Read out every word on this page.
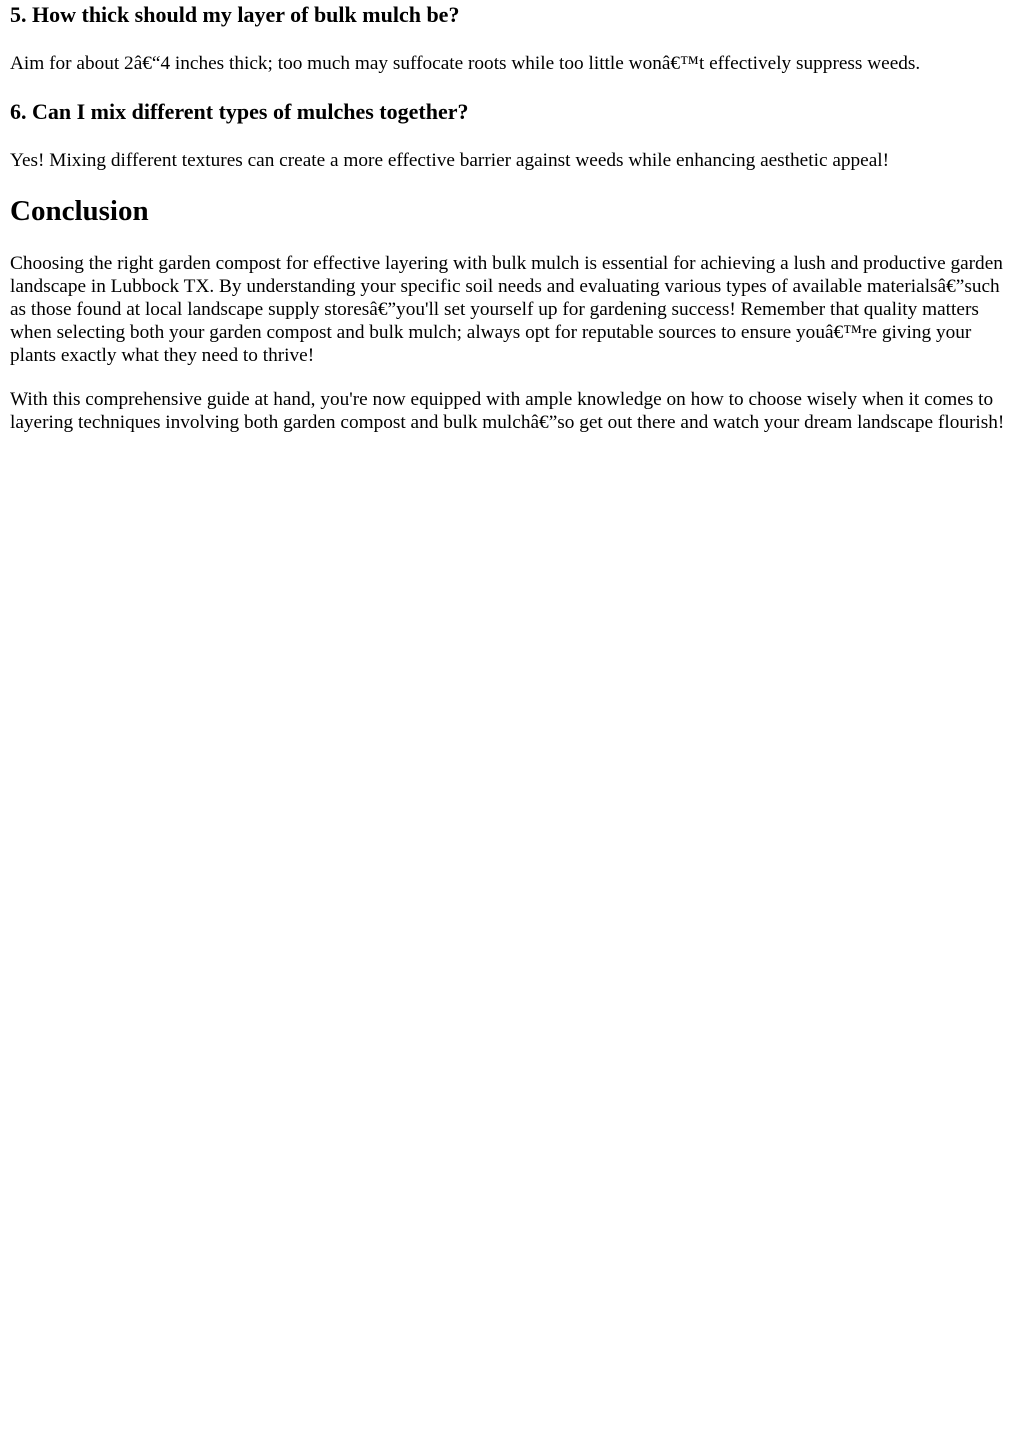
5. How thick should my layer of bulk mulch be?

Aim for about 2â€“4 inches thick; too much may suffocate roots while too little wonâ€™t effectively suppress weeds.

6. Can I mix different types of mulches together?

Yes! Mixing different textures can create a more effective barrier against weeds while enhancing aesthetic appeal!

Conclusion

Choosing the right garden compost for effective layering with bulk mulch is essential for achieving a lush and productive garden landscape in Lubbock TX. By understanding your specific soil needs and evaluating various types of available materialsâ€”such as those found at local landscape supply storesâ€”you'll set yourself up for gardening success! Remember that quality matters when selecting both your garden compost and bulk mulch; always opt for reputable sources to ensure youâ€™re giving your plants exactly what they need to thrive!

With this comprehensive guide at hand, you're now equipped with ample knowledge on how to choose wisely when it comes to layering techniques involving both garden compost and bulk mulchâ€”so get out there and watch your dream landscape flourish!
